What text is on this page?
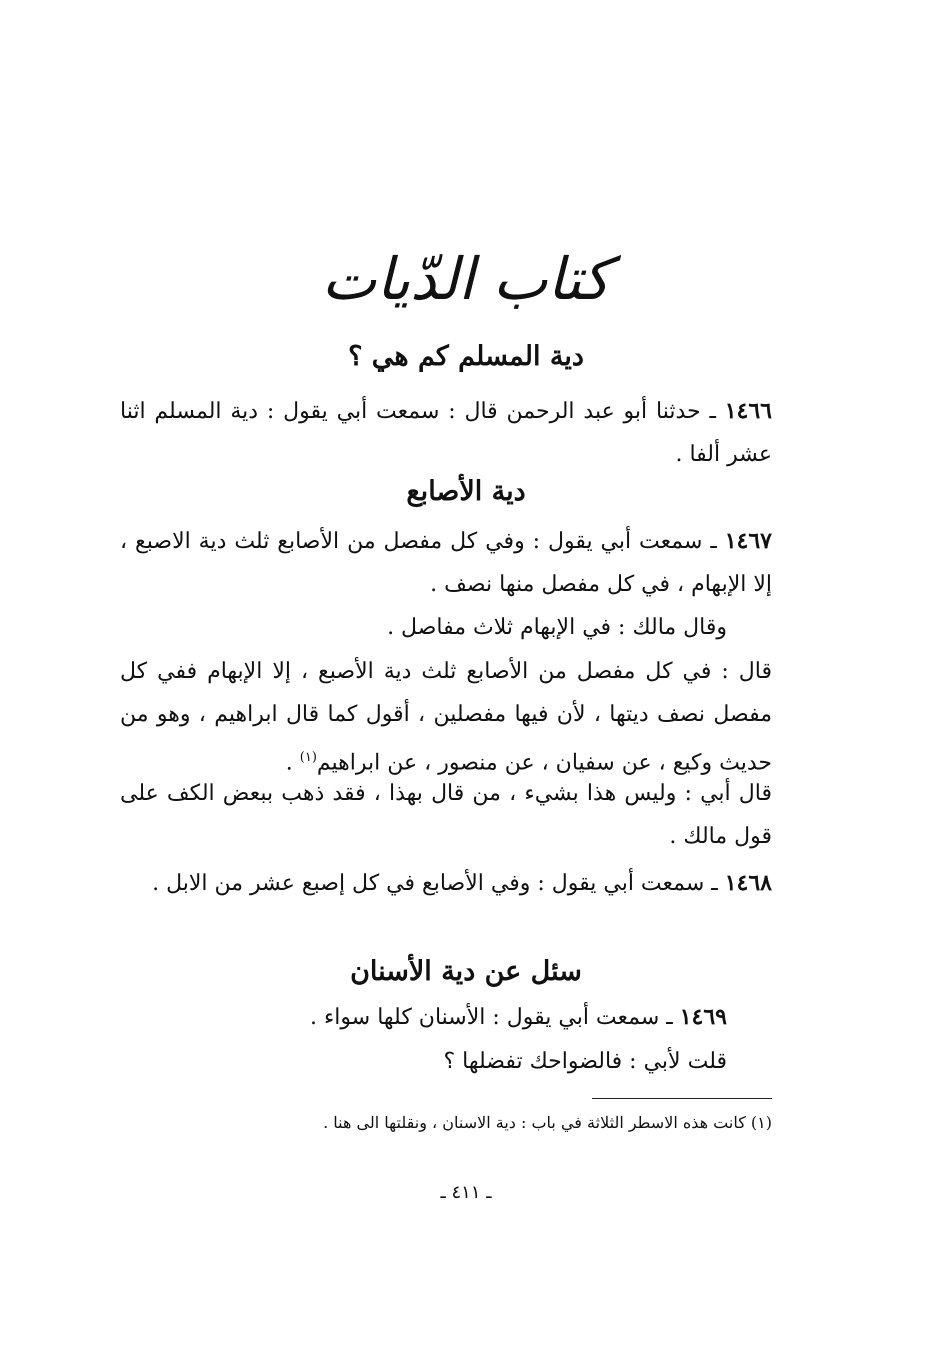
كتاب الدّيات
دية المسلم كم هي ؟
١٤٦٦ ـ حدثنا أبو عبد الرحمن قال : سمعت أبي يقول : دية المسلم اثنا عشر ألفا .
دية الأصابع
١٤٦٧ ـ سمعت أبي يقول : وفي كل مفصل من الأصابع ثلث دية الاصبع ، إلا الإبهام ، في كل مفصل منها نصف .
وقال مالك : في الإبهام ثلاث مفاصل .
قال : في كل مفصل من الأصابع ثلث دية الأصبع ، إلا الإبهام ففي كل مفصل نصف ديتها ، لأن فيها مفصلين ، أقول كما قال ابراهيم ، وهو من حديث وكيع ، عن سفيان ، عن منصور ، عن ابراهيم$^{(١)}$ .
قال أبي : وليس هذا بشيء ، من قال بهذا ، فقد ذهب ببعض الكف على قول مالك .
١٤٦٨ ـ سمعت أبي يقول : وفي الأصابع في كل إصبع عشر من الابل .
سئل عن دية الأسنان
١٤٦٩ ـ سمعت أبي يقول : الأسنان كلها سواء .
قلت لأبي : فالضواحك تفضلها ؟
(١) كانت هذه الاسطر الثلاثة في باب : دية الاسنان ، ونقلتها الى هنا .
ـ ٤١١ ـ
